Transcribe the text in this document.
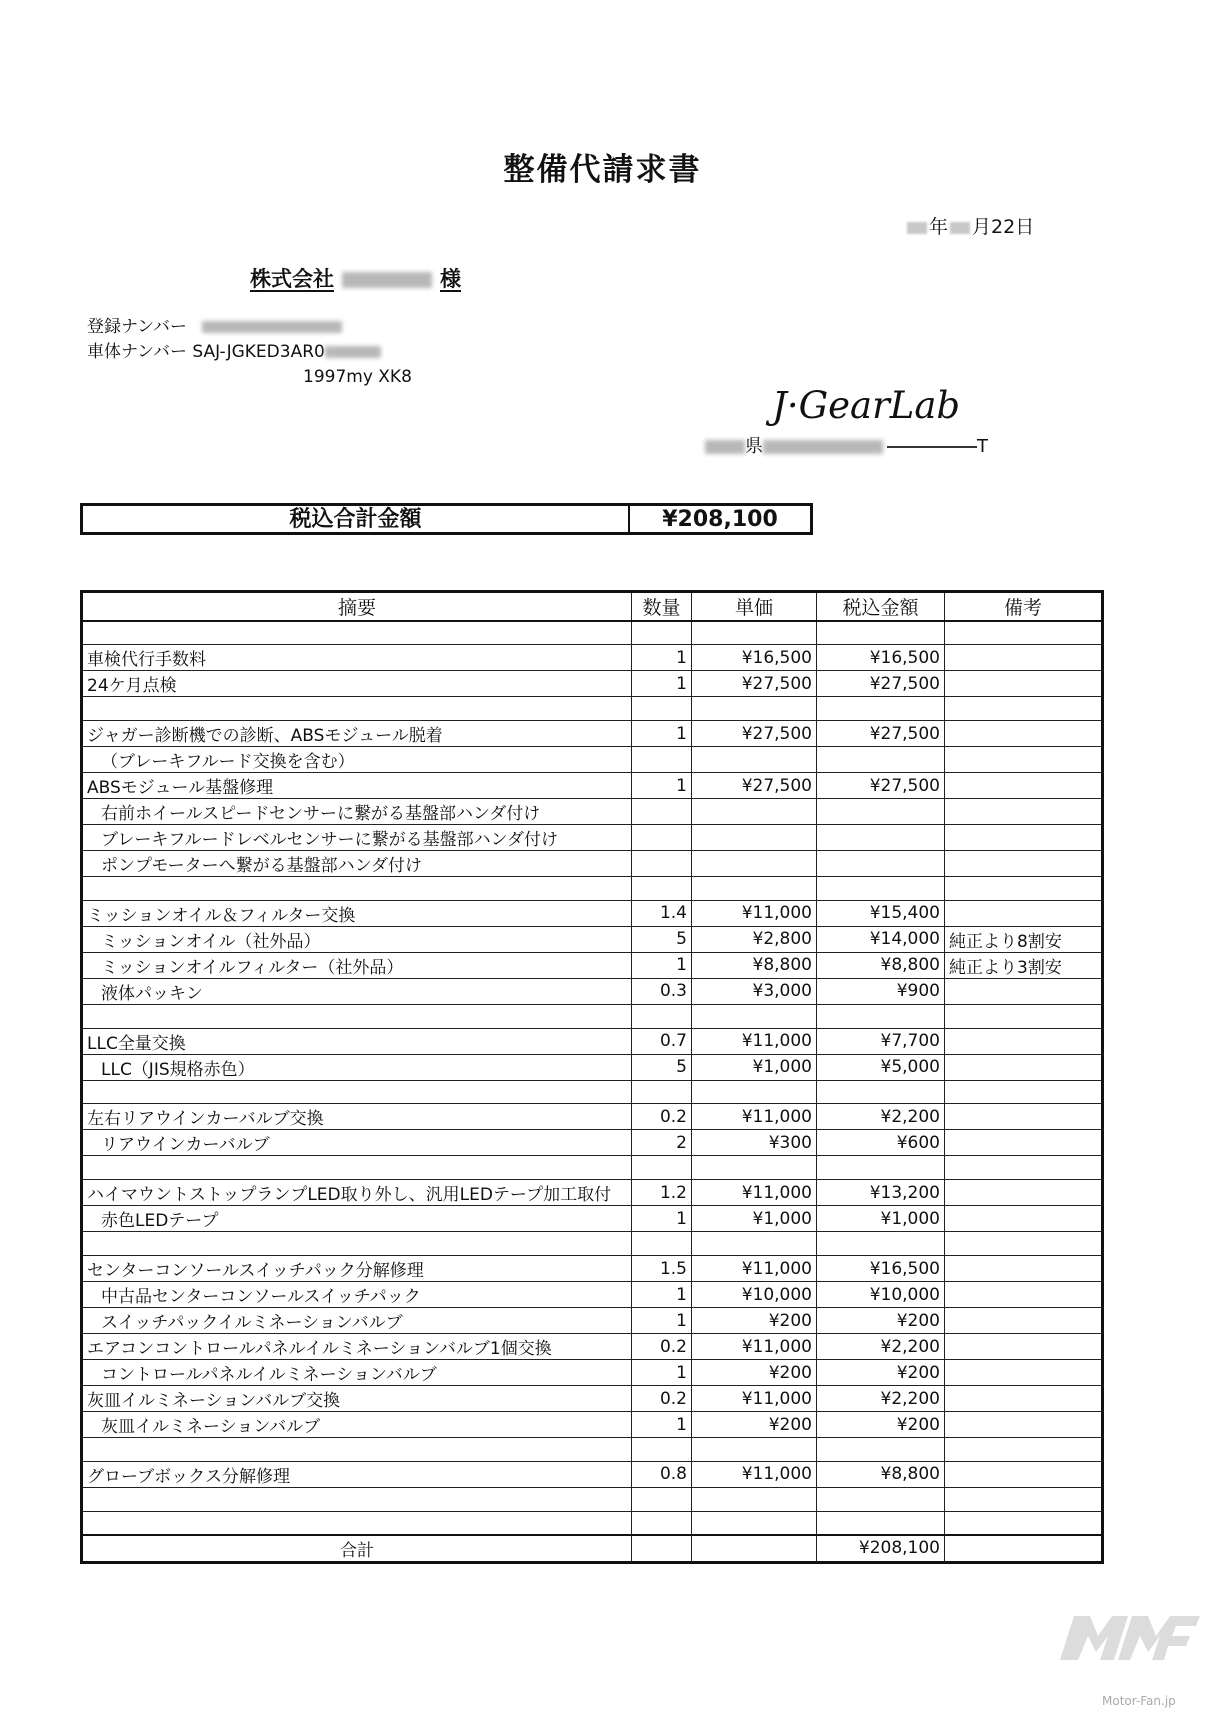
整備代請求書
年 月22日
株式会社	様
登録ナンバー
車体ナンバー SAJ-JGKED3AR0
1997my XK8
J·GearLab
県	T
税込合計金額	¥208,100
摘要	数量	単価	税込金額	備考

車検代行手数料	1	¥16,500	¥16,500	
24ケ月点検	1	¥27,500	¥27,500	

ジャガー診断機での診断、ABSモジュール脱着	1	¥27,500	¥27,500	
（ブレーキフルード交換を含む）				
ABSモジュール基盤修理	1	¥27,500	¥27,500	
右前ホイールスピードセンサーに繋がる基盤部ハンダ付け				
ブレーキフルードレベルセンサーに繋がる基盤部ハンダ付け				
ポンプモーターへ繋がる基盤部ハンダ付け				

ミッションオイル＆フィルター交換	1.4	¥11,000	¥15,400	
ミッションオイル（社外品）	5	¥2,800	¥14,000	純正より8割安
ミッションオイルフィルター（社外品）	1	¥8,800	¥8,800	純正より3割安
液体パッキン	0.3	¥3,000	¥900	

LLC全量交換	0.7	¥11,000	¥7,700	
LLC（JIS規格赤色）	5	¥1,000	¥5,000	

左右リアウインカーバルブ交換	0.2	¥11,000	¥2,200	
リアウインカーバルブ	2	¥300	¥600	

ハイマウントストップランプLED取り外し、汎用LEDテープ加工取付	1.2	¥11,000	¥13,200	
赤色LEDテープ	1	¥1,000	¥1,000	

センターコンソールスイッチパック分解修理	1.5	¥11,000	¥16,500	
中古品センターコンソールスイッチパック	1	¥10,000	¥10,000	
スイッチパックイルミネーションバルブ	1	¥200	¥200	
エアコンコントロールパネルイルミネーションバルブ1個交換	0.2	¥11,000	¥2,200	
コントロールパネルイルミネーションバルブ	1	¥200	¥200	
灰皿イルミネーションバルブ交換	0.2	¥11,000	¥2,200	
灰皿イルミネーションバルブ	1	¥200	¥200	

グローブボックス分解修理	0.8	¥11,000	¥8,800	

合計			¥208,100	
Motor-Fan.jp
